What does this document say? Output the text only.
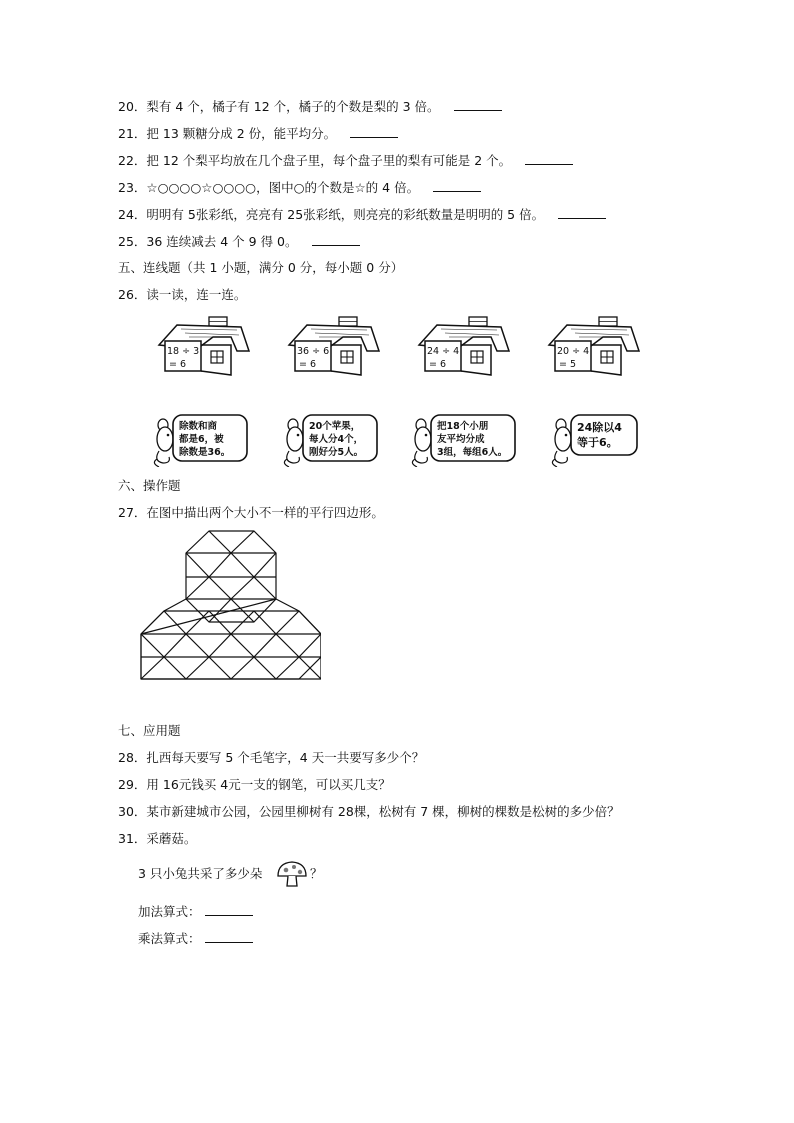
20．梨有 4 个，橘子有 12 个，橘子的个数是梨的 3 倍。
21．把 13 颗糖分成 2 份，能平均分。
22．把 12 个梨平均放在几个盘子里，每个盘子里的梨有可能是 2 个。
23．☆○○○○☆○○○○，图中○的个数是☆的 4 倍。
24．明明有 5张彩纸，亮亮有 25张彩纸，则亮亮的彩纸数量是明明的 5 倍。
25．36 连续减去 4 个 9 得 0。
五、连线题（共 1 小题，满分 0 分，每小题 0 分）
26．读一读，连一连。
18 ÷ 3
= 6
36 ÷ 6
= 6
24 ÷ 4
= 6
20 ÷ 4
= 5
除数和商
都是6，被
除数是36。
20个苹果，
每人分4个，
刚好分5人。
把18个小朋
友平均分成
3组，每组6人。
24除以4
等于6。
六、操作题
27．在图中描出两个大小不一样的平行四边形。
七、应用题
28．扎西每天要写 5 个毛笔字，4 天一共要写多少个？
29．用 16元钱买 4元一支的钢笔，可以买几支？
30．某市新建城市公园，公园里柳树有 28棵，松树有 7 棵，柳树的棵数是松树的多少倍？
31．采蘑菇。
3 只小兔共采了多少朵	？
加法算式：
乘法算式：
